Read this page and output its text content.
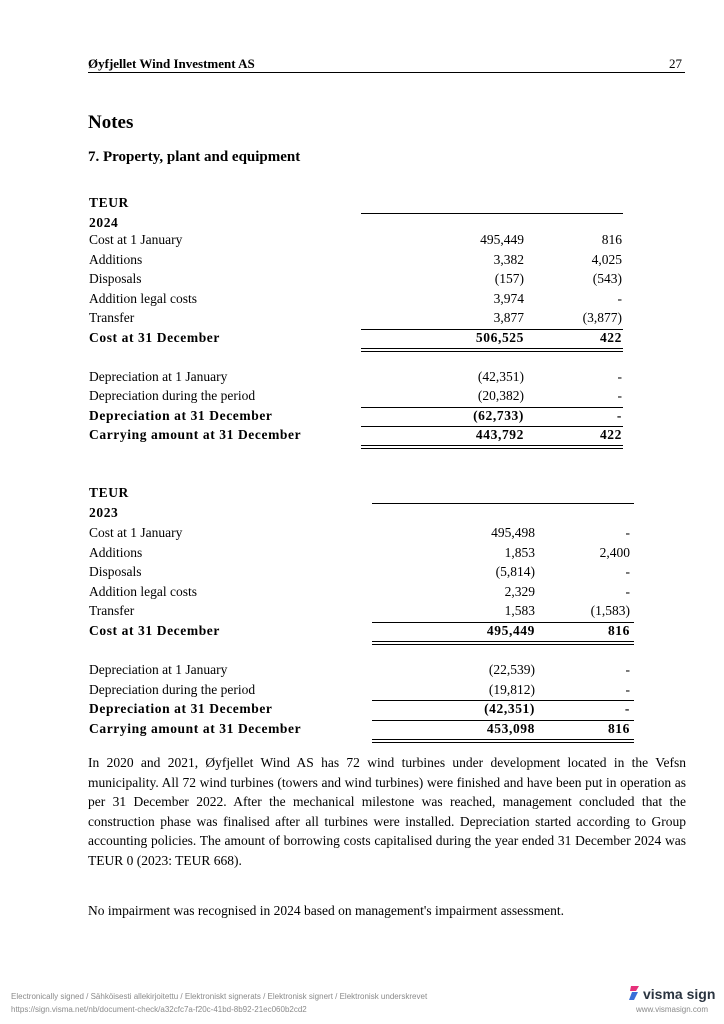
Øyfjellet Wind Investment AS	27
Notes
7. Property, plant and equipment
TEUR
2024
Cost at 1 January	495,449	816
Additions	3,382	4,025
Disposals	(157)	(543)
Addition legal costs	3,974	-
Transfer	3,877	(3,877)
Cost at 31 December	506,525	422
Depreciation at 1 January	(42,351)	-
Depreciation during the period	(20,382)	-
Depreciation at 31 December	(62,733)	-
Carrying amount at 31 December	443,792	422
TEUR
2023
Cost at 1 January	495,498	-
Additions	1,853	2,400
Disposals	(5,814)	-
Addition legal costs	2,329	-
Transfer	1,583	(1,583)
Cost at 31 December	495,449	816
Depreciation at 1 January	(22,539)	-
Depreciation during the period	(19,812)	-
Depreciation at 31 December	(42,351)	-
Carrying amount at 31 December	453,098	816
In 2020 and 2021, Øyfjellet Wind AS has 72 wind turbines under development located in the Vefsn municipality. All 72 wind turbines (towers and wind turbines) were finished and have been put in operation as per 31 December 2022. After the mechanical milestone was reached, management concluded that the construction phase was finalised after all turbines were installed. Depreciation started according to Group accounting policies. The amount of borrowing costs capitalised during the year ended 31 December 2024 was TEUR 0 (2023: TEUR 668).
No impairment was recognised in 2024 based on management's impairment assessment.
Electronically signed / Sähköisesti allekirjoitettu / Elektroniskt signerats / Elektronisk signert / Elektronisk underskrevet
https://sign.visma.net/nb/document-check/a32cfc7a-f20c-41bd-8b92-21ec060b2cd2
visma sign
www.vismasign.com
